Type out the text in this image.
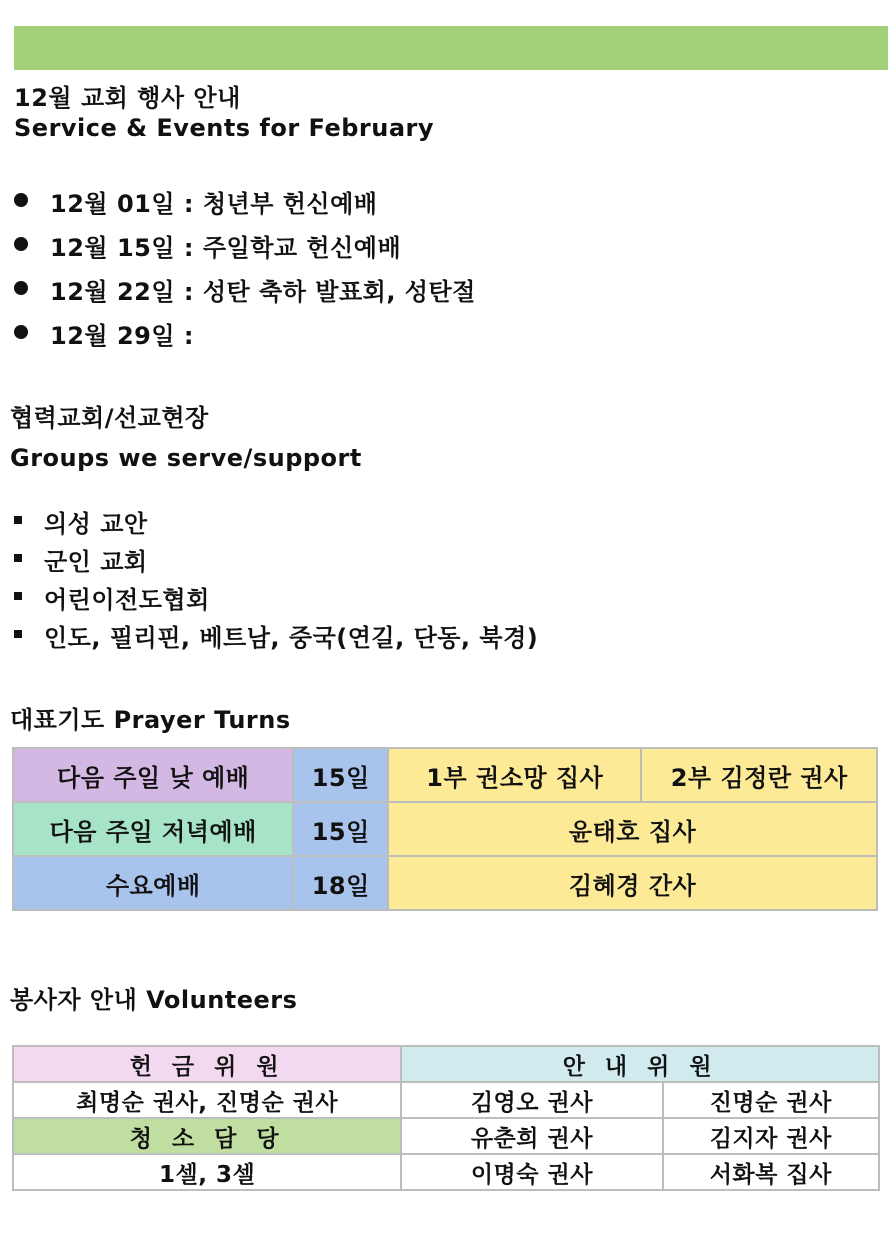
12월 교회 행사 안내
Service & Events for February
12월 01일 : 청년부 헌신예배
12월 15일 : 주일학교 헌신예배
12월 22일 : 성탄 축하 발표회, 성탄절
12월 29일 :
협력교회/선교현장
Groups we serve/support
의성 교안
군인 교회
어린이전도협회
인도, 필리핀, 베트남, 중국(연길, 단동, 북경)
대표기도 Prayer Turns
다음 주일 낮 예배	15일	1부 권소망 집사	2부 김정란 권사
다음 주일 저녁예배	15일	윤태호 집사	
수요예배	18일	김혜경 간사	
봉사자 안내 Volunteers
헌 금 위 원	안 내 위 원	
최명순 권사, 진명순 권사	김영오 권사	진명순 권사
청 소 담 당	유춘희 권사	김지자 권사
1셀, 3셀	이명숙 권사	서화복 집사
